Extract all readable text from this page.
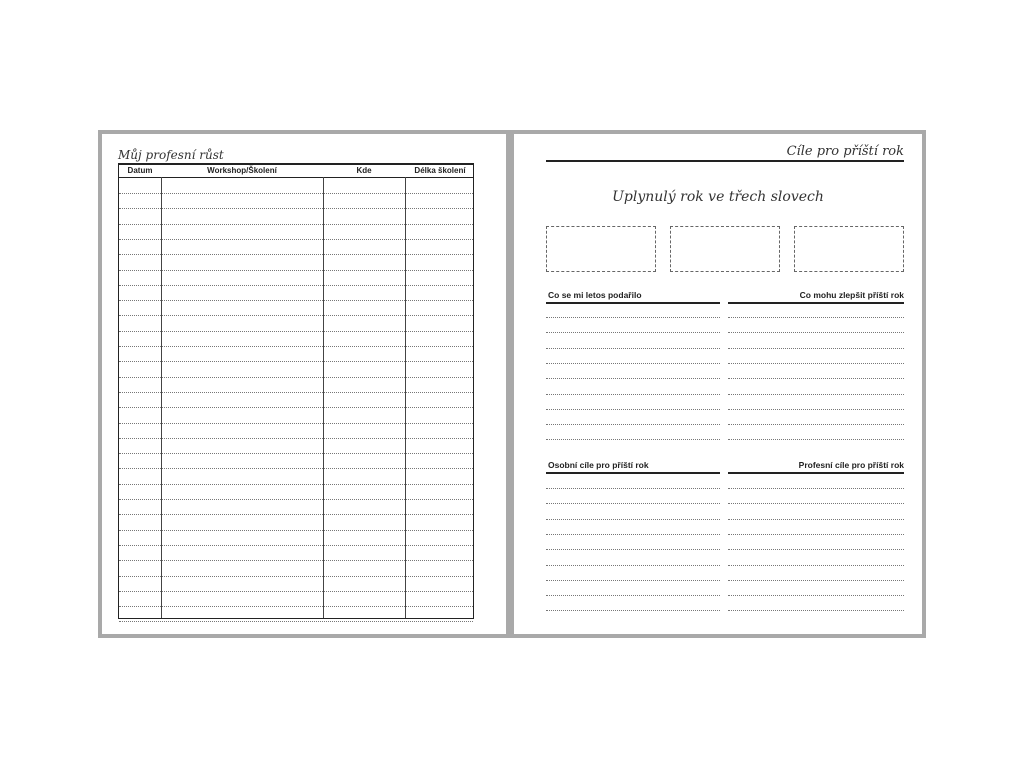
Můj profesní růst
Datum	Workshop/Školení	Kde	Délka školení
Cíle pro příští rok
Uplynulý rok ve třech slovech
Co se mi letos podařilo	Co mohu zlepšit příští rok
Osobní cíle pro příští rok	Profesní cíle pro příští rok
